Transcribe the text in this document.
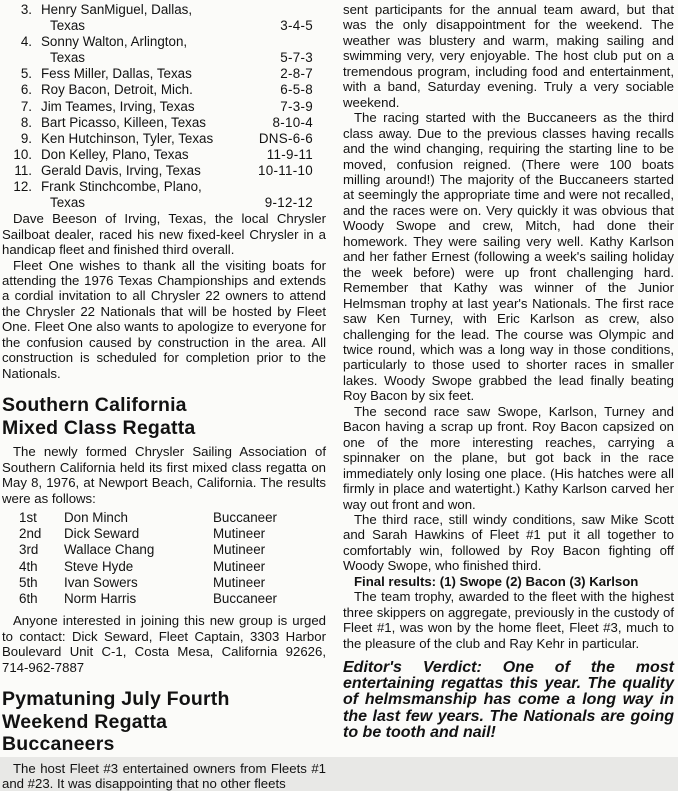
3. Henry SanMiguel, Dallas,
Texas	3-4-5
4. Sonny Walton, Arlington,
Texas	5-7-3
5. Fess Miller, Dallas, Texas	2-8-7
6. Roy Bacon, Detroit, Mich.	6-5-8
7. Jim Teames, Irving, Texas	7-3-9
8. Bart Picasso, Killeen, Texas	8-10-4
9. Ken Hutchinson, Tyler, Texas	DNS-6-6
10. Don Kelley, Plano, Texas	11-9-11
11. Gerald Davis, Irving, Texas	10-11-10
12. Frank Stinchcombe, Plano,
Texas	9-12-12

Dave Beeson of Irving, Texas, the local Chrysler Sailboat dealer, raced his new fixed-keel Chrysler in a handicap fleet and finished third overall.

Fleet One wishes to thank all the visiting boats for attending the 1976 Texas Championships and extends a cordial invitation to all Chrysler 22 owners to attend the Chrysler 22 Nationals that will be hosted by Fleet One. Fleet One also wants to apologize to everyone for the confusion caused by construction in the area. All construction is scheduled for completion prior to the Nationals.

Southern California
Mixed Class Regatta

The newly formed Chrysler Sailing Association of Southern California held its first mixed class regatta on May 8, 1976, at Newport Beach, California. The results were as follows:

1st	Don Minch	Buccaneer
2nd	Dick Seward	Mutineer
3rd	Wallace Chang	Mutineer
4th	Steve Hyde	Mutineer
5th	Ivan Sowers	Mutineer
6th	Norm Harris	Buccaneer

Anyone interested in joining this new group is urged to contact: Dick Seward, Fleet Captain, 3303 Harbor Boulevard Unit C-1, Costa Mesa, California 92626, 714-962-7887

Pymatuning July Fourth
Weekend Regatta
Buccaneers

The host Fleet #3 entertained owners from Fleets #1 and #23. It was disappointing that no other fleets

sent participants for the annual team award, but that was the only disappointment for the weekend. The weather was blustery and warm, making sailing and swimming very, very enjoyable. The host club put on a tremendous program, including food and entertainment, with a band, Saturday evening. Truly a very sociable weekend.

The racing started with the Buccaneers as the third class away. Due to the previous classes having recalls and the wind changing, requiring the starting line to be moved, confusion reigned. (There were 100 boats milling around!) The majority of the Buccaneers started at seemingly the appropriate time and were not recalled, and the races were on. Very quickly it was obvious that Woody Swope and crew, Mitch, had done their homework. They were sailing very well. Kathy Karlson and her father Ernest (following a week's sailing holiday the week before) were up front challenging hard. Remember that Kathy was winner of the Junior Helmsman trophy at last year's Nationals. The first race saw Ken Turney, with Eric Karlson as crew, also challenging for the lead. The course was Olympic and twice round, which was a long way in those conditions, particularly to those used to shorter races in smaller lakes. Woody Swope grabbed the lead finally beating Roy Bacon by six feet.

The second race saw Swope, Karlson, Turney and Bacon having a scrap up front. Roy Bacon capsized on one of the more interesting reaches, carrying a spinnaker on the plane, but got back in the race immediately only losing one place. (His hatches were all firmly in place and watertight.) Kathy Karlson carved her way out front and won.

The third race, still windy conditions, saw Mike Scott and Sarah Hawkins of Fleet #1 put it all together to comfortably win, followed by Roy Bacon fighting off Woody Swope, who finished third.

Final results: (1) Swope (2) Bacon (3) Karlson

The team trophy, awarded to the fleet with the highest three skippers on aggregate, previously in the custody of Fleet #1, was won by the home fleet, Fleet #3, much to the pleasure of the club and Ray Kehr in particular.

Editor's Verdict: One of the most entertaining regattas this year. The quality of helmsmanship has come a long way in the last few years. The Nationals are going to be tooth and nail!
